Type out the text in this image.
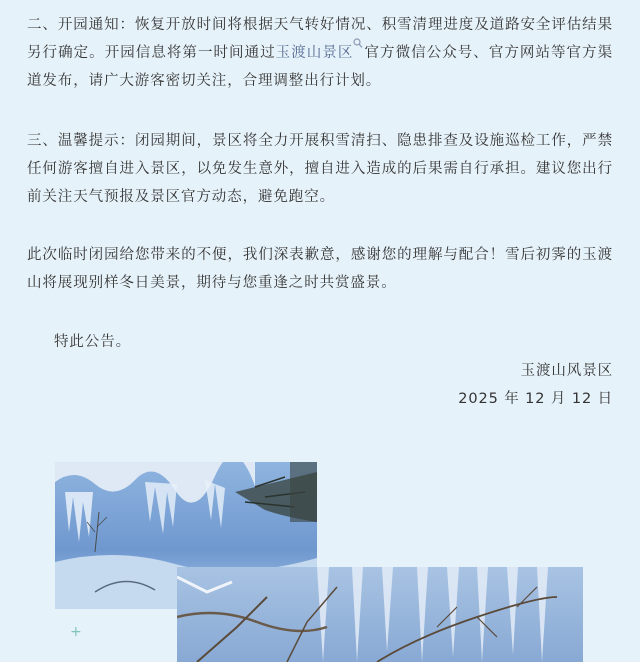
二、开园通知：恢复开放时间将根据天气转好情况、积雪清理进度及道路安全评估结果另行确定。开园信息将第一时间通过玉渡山景区 官方微信公众号、官方网站等官方渠道发布，请广大游客密切关注，合理调整出行计划。

三、温馨提示：闭园期间，景区将全力开展积雪清扫、隐患排查及设施巡检工作，严禁任何游客擅自进入景区，以免发生意外，擅自进入造成的后果需自行承担。建议您出行前关注天气预报及景区官方动态，避免跑空。

此次临时闭园给您带来的不便，我们深表歉意，感谢您的理解与配合！雪后初霁的玉渡山将展现别样冬日美景，期待与您重逢之时共赏盛景。

特此公告。

玉渡山风景区
2025 年 12 月 12 日
+
